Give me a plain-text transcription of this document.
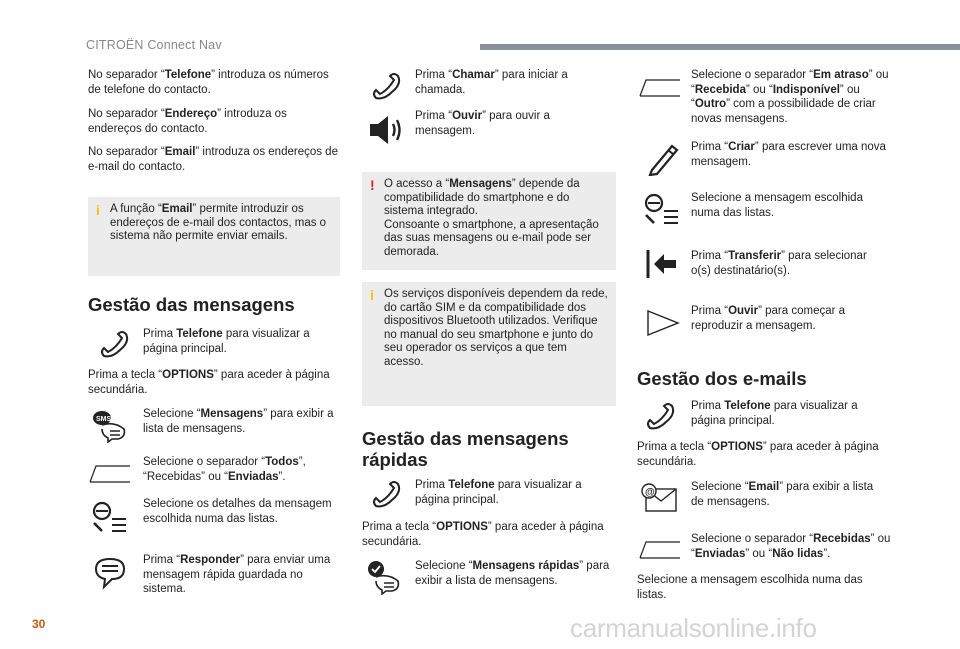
CITROËN Connect Nav
30	carmanualsonline.info
No separador “Telefone” introduza os números de telefone do contacto.
No separador “Endereço” introduza os endereços do contacto.
No separador “Email” introduza os endereços de e-mail do contacto.
i A função “Email” permite introduzir os endereços de e-mail dos contactos, mas o sistema não permite enviar emails.
Gestão das mensagens
Prima Telefone para visualizar a página principal.
Prima a tecla “OPTIONS” para aceder à página secundária.
SMS	Selecione “Mensagens” para exibir a lista de mensagens.
Selecione o separador “Todos”, “Recebidas” ou “Enviadas”.
Selecione os detalhes da mensagem escolhida numa das listas.
Prima “Responder” para enviar uma mensagem rápida guardada no sistema.
Prima “Chamar” para iniciar a chamada.
Prima “Ouvir” para ouvir a mensagem.
! O acesso a “Mensagens” depende da compatibilidade do smartphone e do sistema integrado.
Consoante o smartphone, a apresentação das suas mensagens ou e-mail pode ser demorada.
i Os serviços disponíveis dependem da rede, do cartão SIM e da compatibilidade dos dispositivos Bluetooth utilizados. Verifique no manual do seu smartphone e junto do seu operador os serviços a que tem acesso.
Gestão das mensagens rápidas
Prima Telefone para visualizar a página principal.
Prima a tecla “OPTIONS” para aceder à página secundária.
Selecione “Mensagens rápidas” para exibir a lista de mensagens.
Selecione o separador “Em atraso” ou “Recebida” ou “Indisponível” ou “Outro” com a possibilidade de criar novas mensagens.
Prima “Criar” para escrever uma nova mensagem.
Selecione a mensagem escolhida numa das listas.
Prima “Transferir” para selecionar o(s) destinatário(s).
Prima “Ouvir” para começar a reproduzir a mensagem.
Gestão dos e-mails
Prima Telefone para visualizar a página principal.
Prima a tecla “OPTIONS” para aceder à página secundária.
@	Selecione “Email” para exibir a lista de mensagens.
Selecione o separador “Recebidas” ou “Enviadas” ou “Não lidas”.
Selecione a mensagem escolhida numa das listas.
